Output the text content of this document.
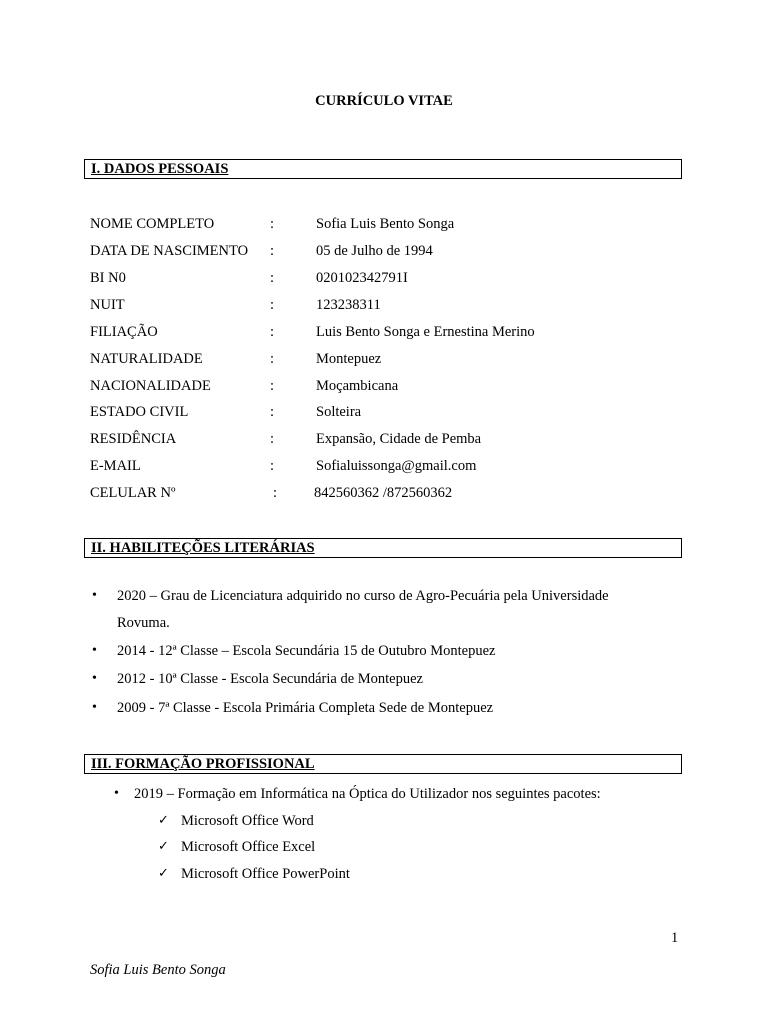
CURRÍCULO VITAE
I. DADOS PESSOAIS
NOME COMPLETO	:	Sofia Luis Bento Songa
DATA DE NASCIMENTO :	05 de Julho de 1994
BI N0	:	020102342791I
NUIT	:	123238311
FILIAÇÃO	:	Luis Bento Songa e Ernestina Merino
NATURALIDADE	:	Montepuez
NACIONALIDADE	:	Moçambicana
ESTADO CIVIL	:	Solteira
RESIDÊNCIA	:	Expansão, Cidade de Pemba
E-MAIL	:	Sofialuissonga@gmail.com
CELULAR Nº	:	842560362 /872560362
II. HABILITEÇÕES LITERÁRIAS
• 2020 – Grau de Licenciatura adquirido no curso de Agro-Pecuária pela Universidade
Rovuma.
• 2014 - 12ª Classe – Escola Secundária 15 de Outubro Montepuez
• 2012 - 10ª Classe - Escola Secundária de Montepuez
• 2009 - 7ª Classe - Escola Primária Completa Sede de Montepuez
III. FORMAÇÃO PROFISSIONAL
• 2019 – Formação em Informática na Óptica do Utilizador nos seguintes pacotes:
✓ Microsoft Office Word
✓ Microsoft Office Excel
✓ Microsoft Office PowerPoint
1
Sofia Luis Bento Songa
